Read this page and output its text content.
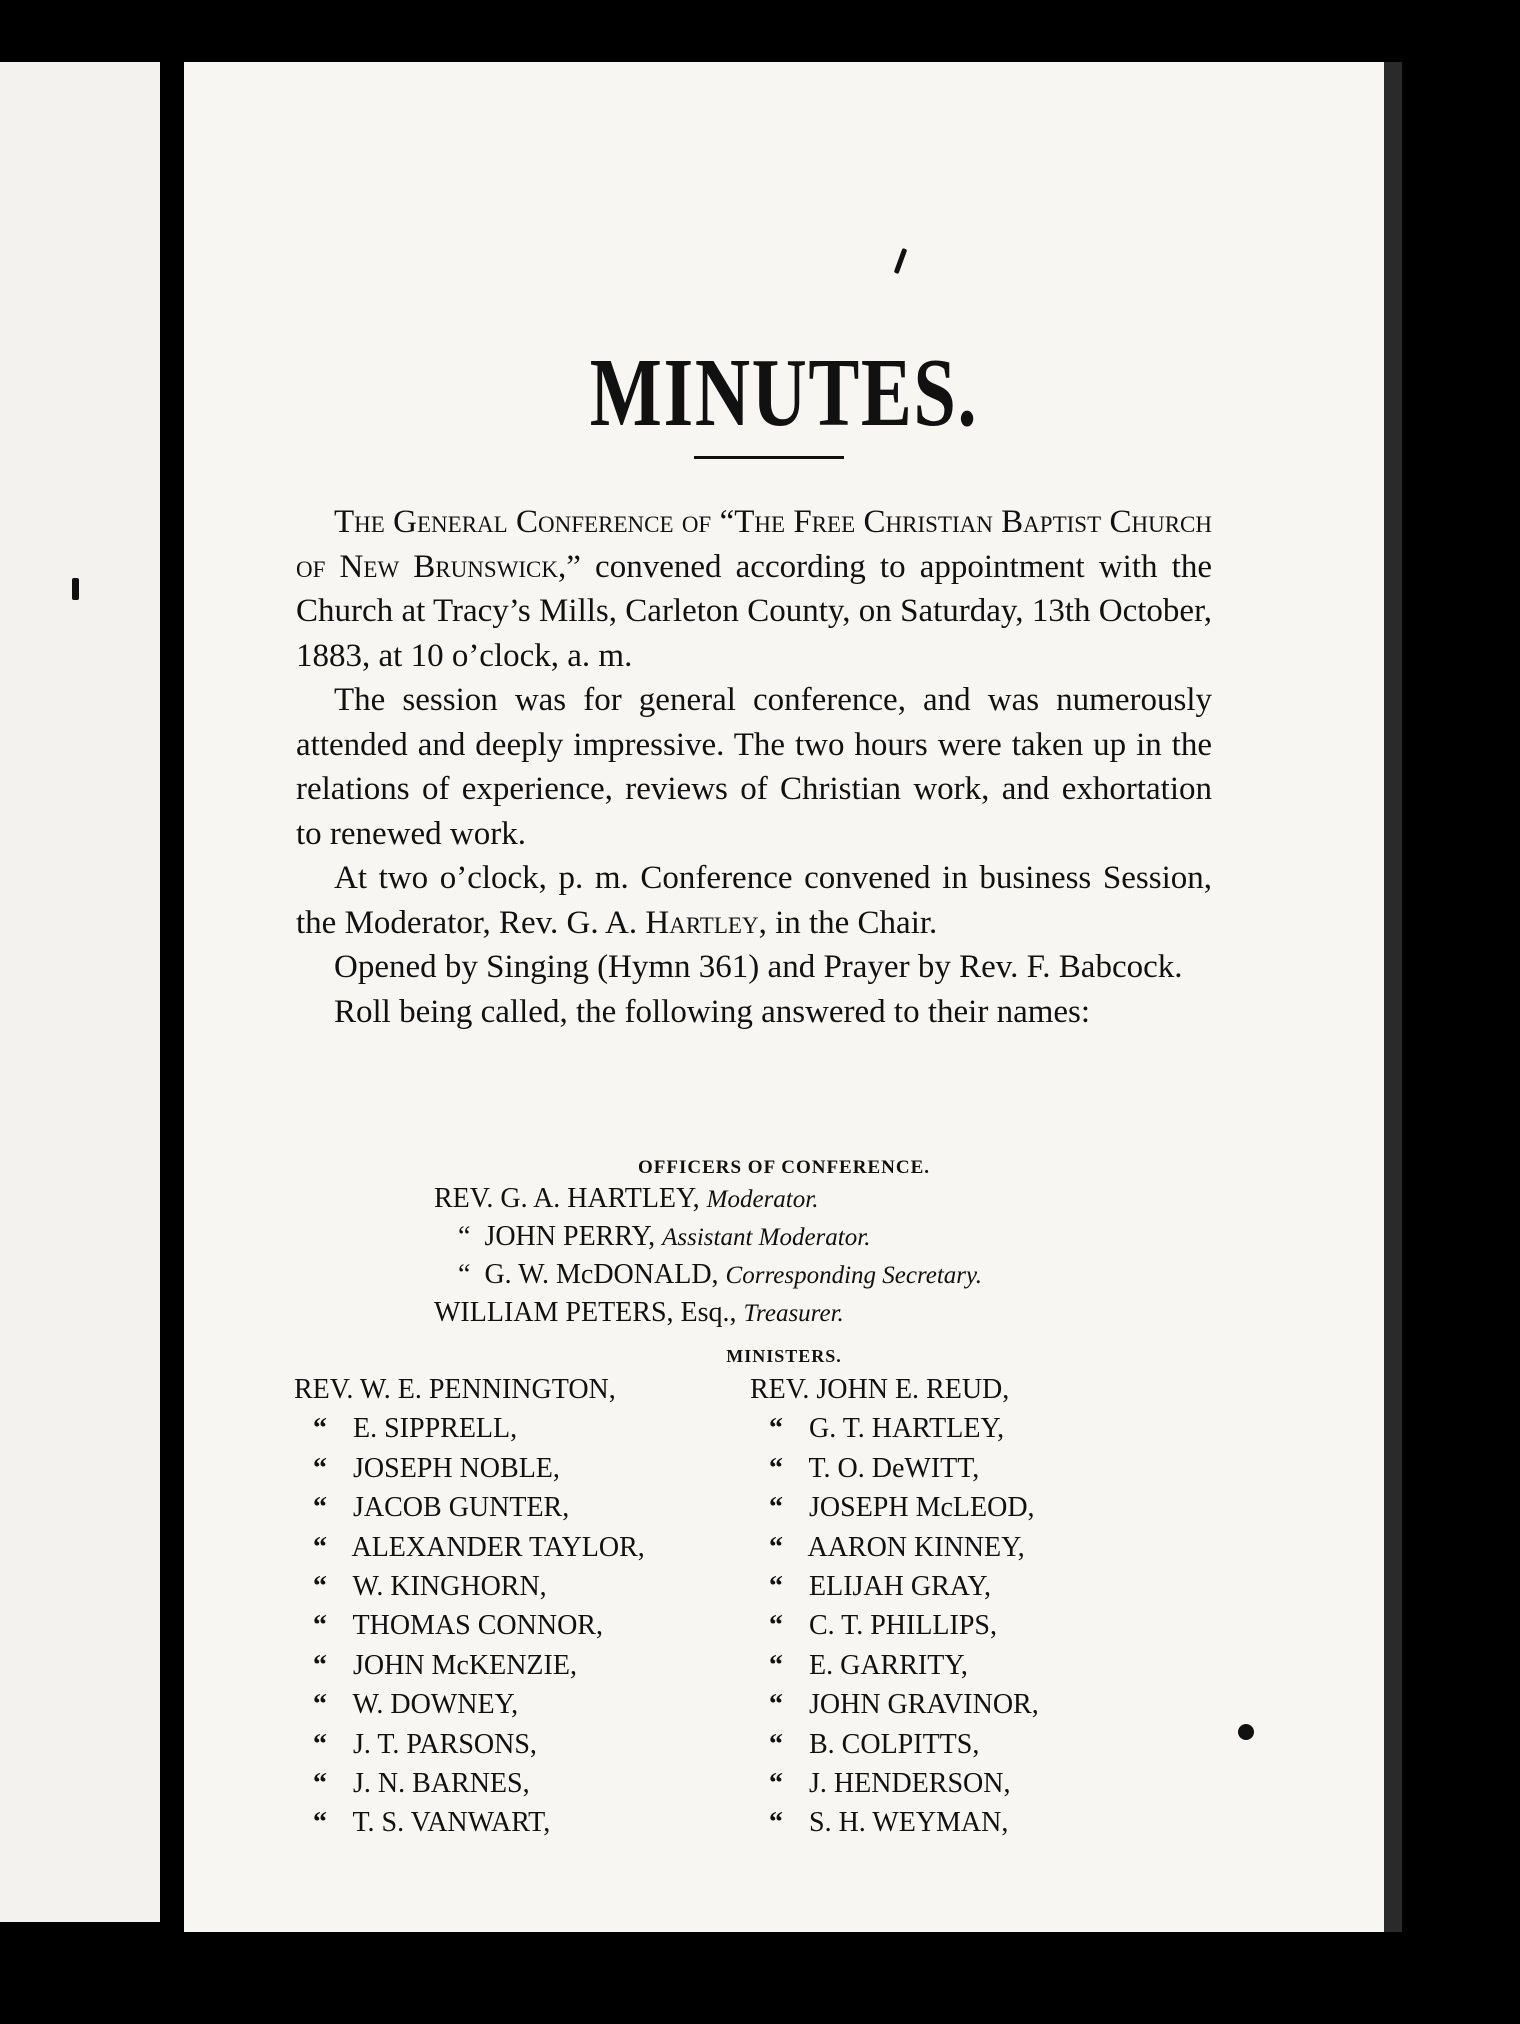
MINUTES.

The General Conference of “The Free Christian Baptist Church of New Brunswick,” convened according to appointment with the Church at Tracy’s Mills, Carleton County, on Saturday, 13th October, 1883, at 10 o’clock, a. m.

The session was for general conference, and was numerously attended and deeply impressive. The two hours were taken up in the relations of experience, reviews of Christian work, and exhortation to renewed work.

At two o’clock, p. m. Conference convened in business Session, the Moderator, Rev. G. A. Hartley, in the Chair.

Opened by Singing (Hymn 361) and Prayer by Rev. F. Babcock.

Roll being called, the following answered to their names:

OFFICERS OF CONFERENCE.
REV. G. A. HARTLEY, Moderator.
“ JOHN PERRY, Assistant Moderator.
“ G. W. McDONALD, Corresponding Secretary.
WILLIAM PETERS, Esq., Treasurer.
MINISTERS.
REV. W. E. PENNINGTON,
“ E. SIPPRELL,
“ JOSEPH NOBLE,
“ JACOB GUNTER,
“ ALEXANDER TAYLOR,
“ W. KINGHORN,
“ THOMAS CONNOR,
“ JOHN McKENZIE,
“ W. DOWNEY,
“ J. T. PARSONS,
“ J. N. BARNES,
“ T. S. VANWART,
REV. JOHN E. REUD,
“ G. T. HARTLEY,
“ T. O. DeWITT,
“ JOSEPH McLEOD,
“ AARON KINNEY,
“ ELIJAH GRAY,
“ C. T. PHILLIPS,
“ E. GARRITY,
“ JOHN GRAVINOR,
“ B. COLPITTS,
“ J. HENDERSON,
“ S. H. WEYMAN,
